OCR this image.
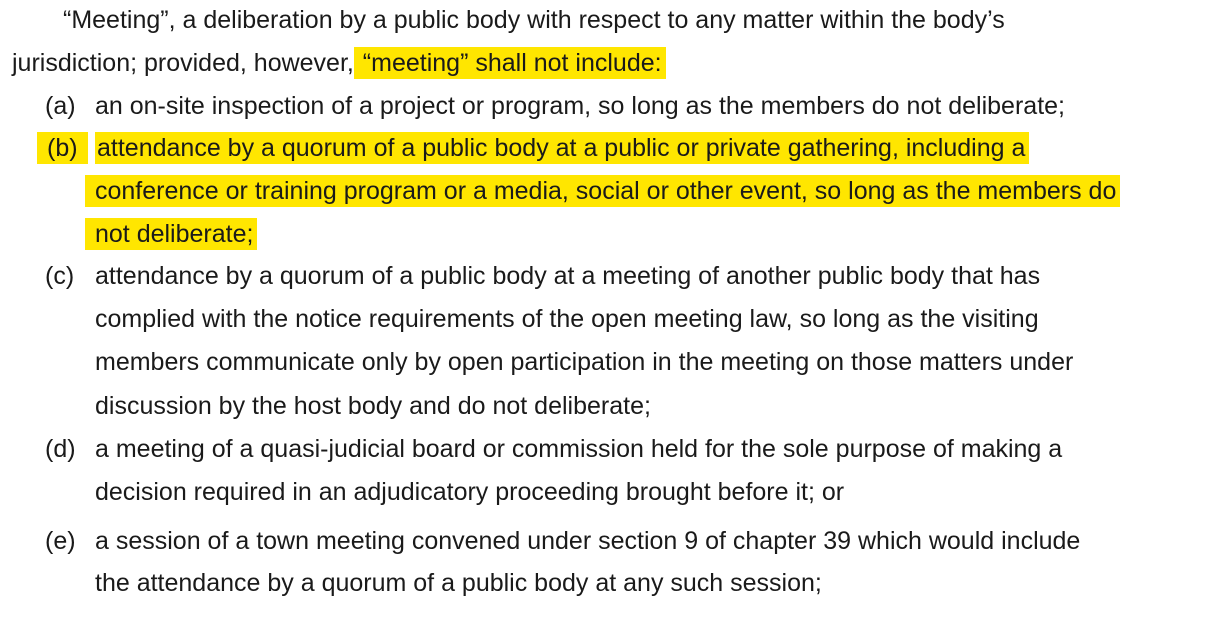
“Meeting”, a deliberation by a public body with respect to any matter within the body’s
jurisdiction; provided, however, “meeting” shall not include:
(a) an on-site inspection of a project or program, so long as the members do not deliberate;
(b) attendance by a quorum of a public body at a public or private gathering, including a
conference or training program or a media, social or other event, so long as the members do
not deliberate;
(c) attendance by a quorum of a public body at a meeting of another public body that has
complied with the notice requirements of the open meeting law, so long as the visiting
members communicate only by open participation in the meeting on those matters under
discussion by the host body and do not deliberate;
(d) a meeting of a quasi-judicial board or commission held for the sole purpose of making a
decision required in an adjudicatory proceeding brought before it; or
(e) a session of a town meeting convened under section 9 of chapter 39 which would include
the attendance by a quorum of a public body at any such session;
